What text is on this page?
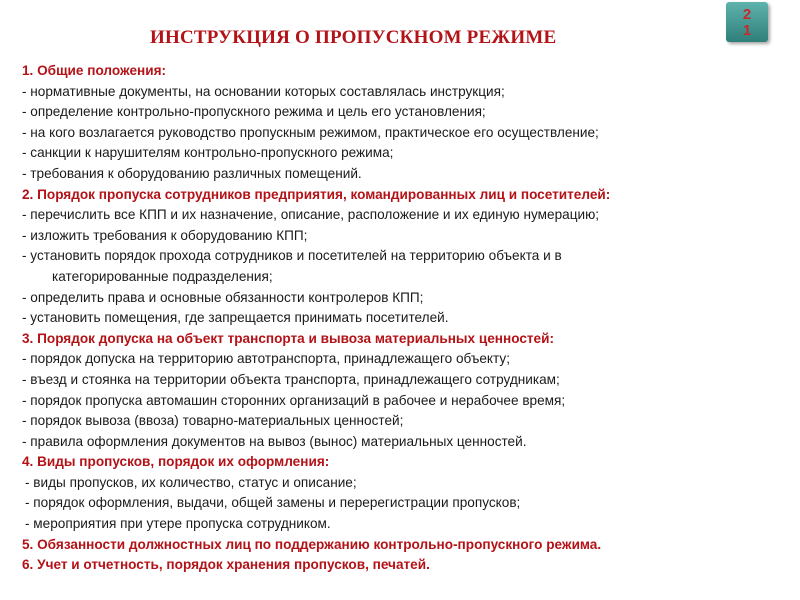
ИНСТРУКЦИЯ О ПРОПУСКНОМ РЕЖИМЕ
2
1
1. Общие положения:
- нормативные документы, на основании которых составлялась инструкция;
- определение контрольно-пропускного режима и цель его установления;
- на кого возлагается руководство пропускным режимом, практическое его осуществление;
- санкции к нарушителям контрольно-пропускного режима;
- требования к оборудованию различных помещений.
2. Порядок пропуска сотрудников предприятия, командированных лиц и посетителей:
- перечислить все КПП и их назначение, описание, расположение и их единую нумерацию;
- изложить требования к оборудованию КПП;
- установить порядок прохода сотрудников и посетителей на территорию объекта и в
категорированные подразделения;
- определить права и основные обязанности контролеров КПП;
- установить помещения, где запрещается принимать посетителей.
3. Порядок допуска на объект транспорта и вывоза материальных ценностей:
- порядок допуска на территорию автотранспорта, принадлежащего объекту;
- въезд и стоянка на территории объекта транспорта, принадлежащего сотрудникам;
- порядок пропуска автомашин сторонних организаций в рабочее и нерабочее время;
- порядок вывоза (ввоза) товарно-материальных ценностей;
- правила оформления документов на вывоз (вынос) материальных ценностей.
4. Виды пропусков, порядок их оформления:
- виды пропусков, их количество, статус и описание;
- порядок оформления, выдачи, общей замены и перерегистрации пропусков;
- мероприятия при утере пропуска сотрудником.
5. Обязанности должностных лиц по поддержанию контрольно-пропускного режима.
6. Учет и отчетность, порядок хранения пропусков, печатей.
